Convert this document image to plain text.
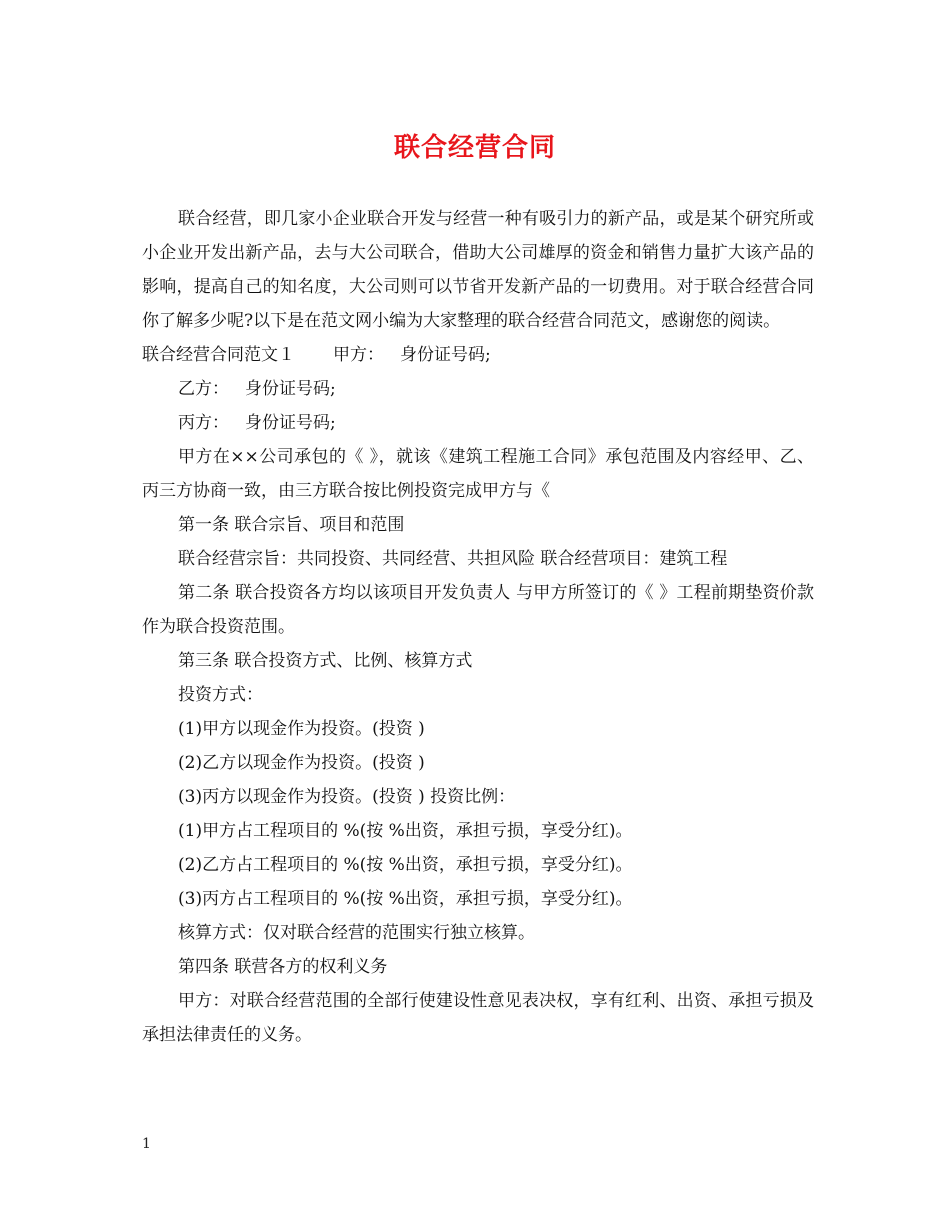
联合经营合同

联合经营，即几家小企业联合开发与经营一种有吸引力的新产品，或是某个研究所或小企业开发出新产品，去与大公司联合，借助大公司雄厚的资金和销售力量扩大该产品的影响，提高自己的知名度，大公司则可以节省开发新产品的一切费用。对于联合经营合同你了解多少呢?以下是在范文网小编为大家整理的联合经营合同范文，感谢您的阅读。

联合经营合同范文１ 甲方： 身份证号码;

乙方： 身份证号码;

丙方： 身份证号码;

甲方在××公司承包的《 》，就该《建筑工程施工合同》承包范围及内容经甲、乙、丙三方协商一致，由三方联合按比例投资完成甲方与《

第一条 联合宗旨、项目和范围

联合经营宗旨：共同投资、共同经营、共担风险 联合经营项目：建筑工程

第二条 联合投资各方均以该项目开发负责人 与甲方所签订的《 》工程前期垫资价款作为联合投资范围。

第三条 联合投资方式、比例、核算方式

投资方式：

(1)甲方以现金作为投资。(投资 )

(2)乙方以现金作为投资。(投资 )

(3)丙方以现金作为投资。(投资 ) 投资比例：

(1)甲方占工程项目的 %(按 %出资，承担亏损，享受分红)。

(2)乙方占工程项目的 %(按 %出资，承担亏损，享受分红)。

(3)丙方占工程项目的 %(按 %出资，承担亏损，享受分红)。

核算方式：仅对联合经营的范围实行独立核算。

第四条 联营各方的权利义务

甲方：对联合经营范围的全部行使建设性意见表决权，享有红利、出资、承担亏损及承担法律责任的义务。

1
